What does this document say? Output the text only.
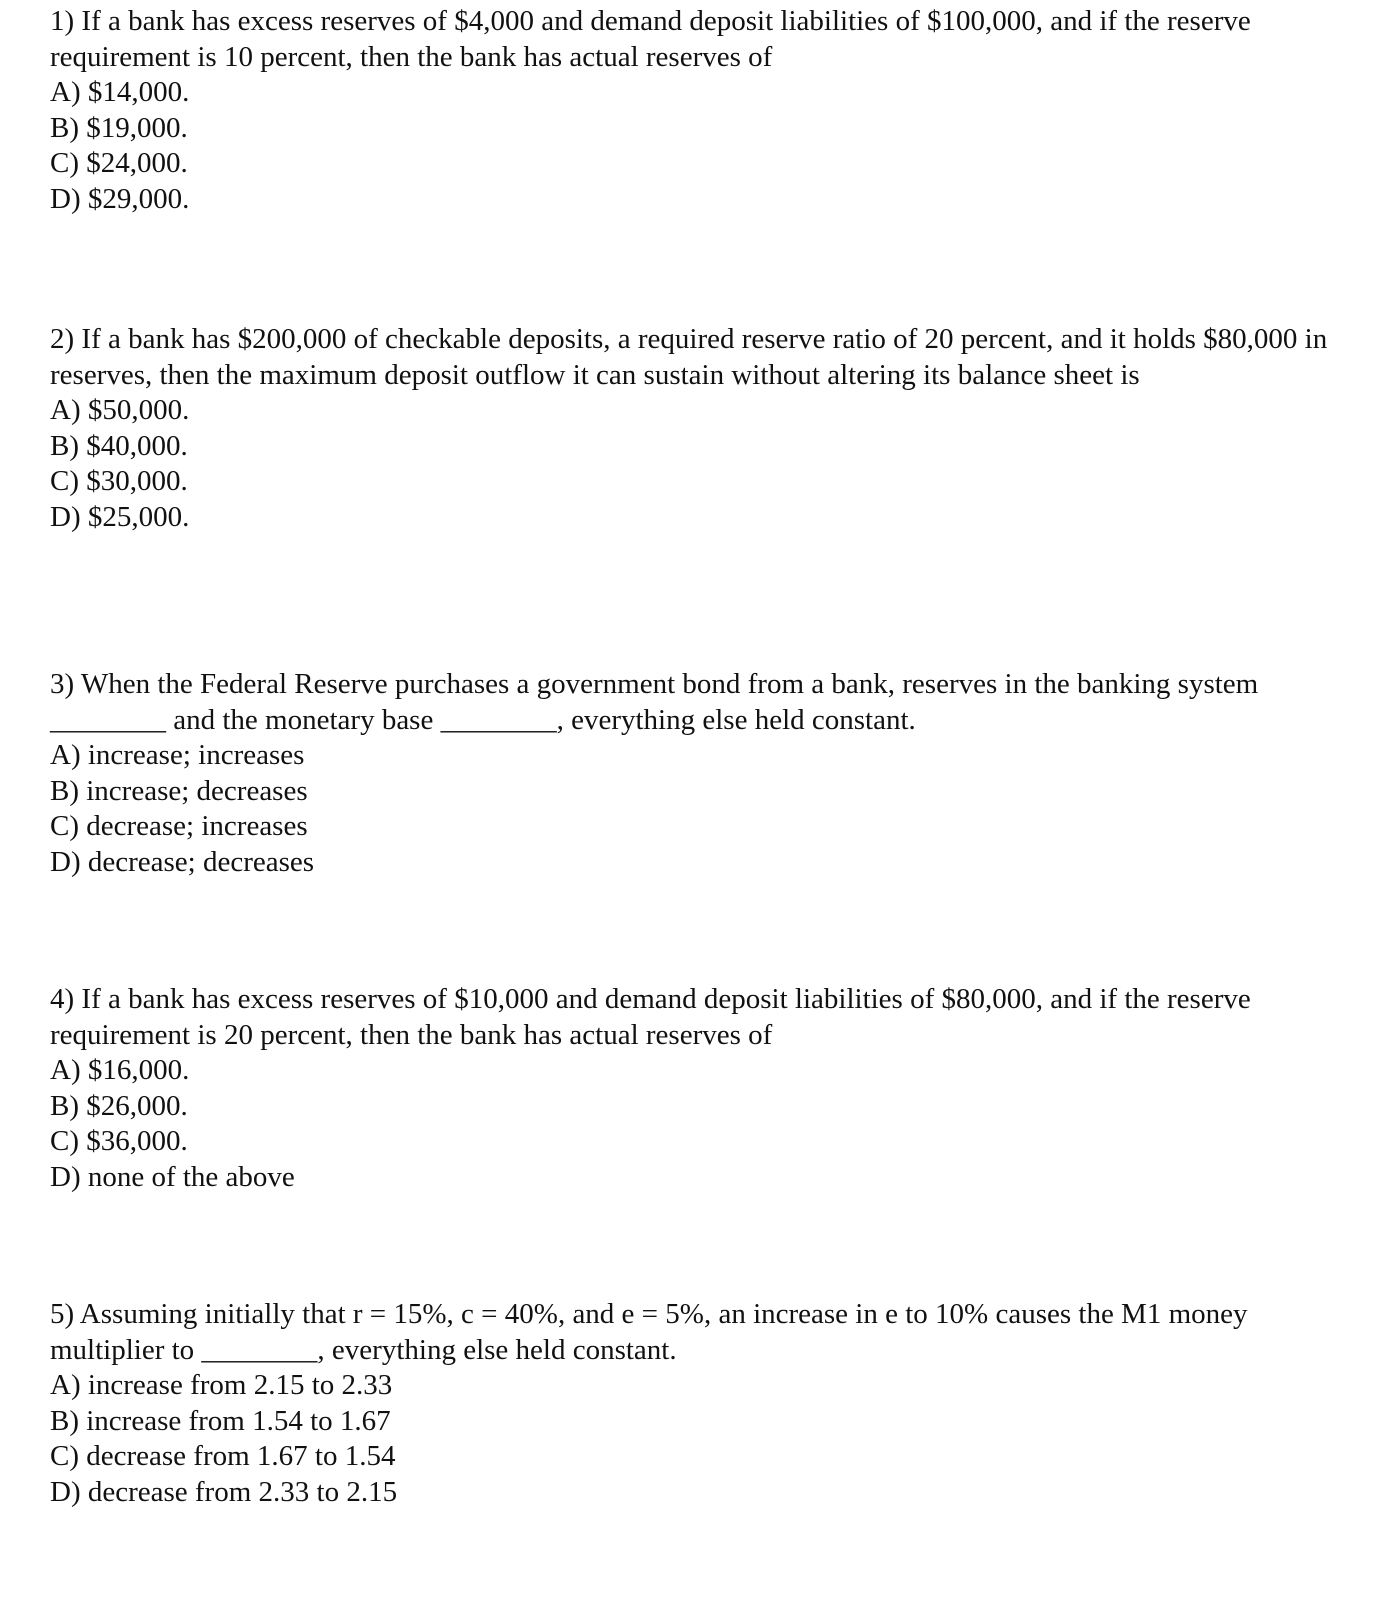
1) If a bank has excess reserves of $4,000 and demand deposit liabilities of $100,000, and if the reserve requirement is 10 percent, then the bank has actual reserves of

A) $14,000.
B) $19,000.
C) $24,000.
D) $29,000.

2) If a bank has $200,000 of checkable deposits, a required reserve ratio of 20 percent, and it holds $80,000 in reserves, then the maximum deposit outflow it can sustain without altering its balance sheet is

A) $50,000.
B) $40,000.
C) $30,000.
D) $25,000.

3) When the Federal Reserve purchases a government bond from a bank, reserves in the banking system ________ and the monetary base ________, everything else held constant.

A) increase; increases
B) increase; decreases
C) decrease; increases
D) decrease; decreases

4) If a bank has excess reserves of $10,000 and demand deposit liabilities of $80,000, and if the reserve requirement is 20 percent, then the bank has actual reserves of

A) $16,000.
B) $26,000.
C) $36,000.
D) none of the above

5) Assuming initially that r = 15%, c = 40%, and e = 5%, an increase in e to 10% causes the M1 money multiplier to ________, everything else held constant.

A) increase from 2.15 to 2.33
B) increase from 1.54 to 1.67
C) decrease from 1.67 to 1.54
D) decrease from 2.33 to 2.15
